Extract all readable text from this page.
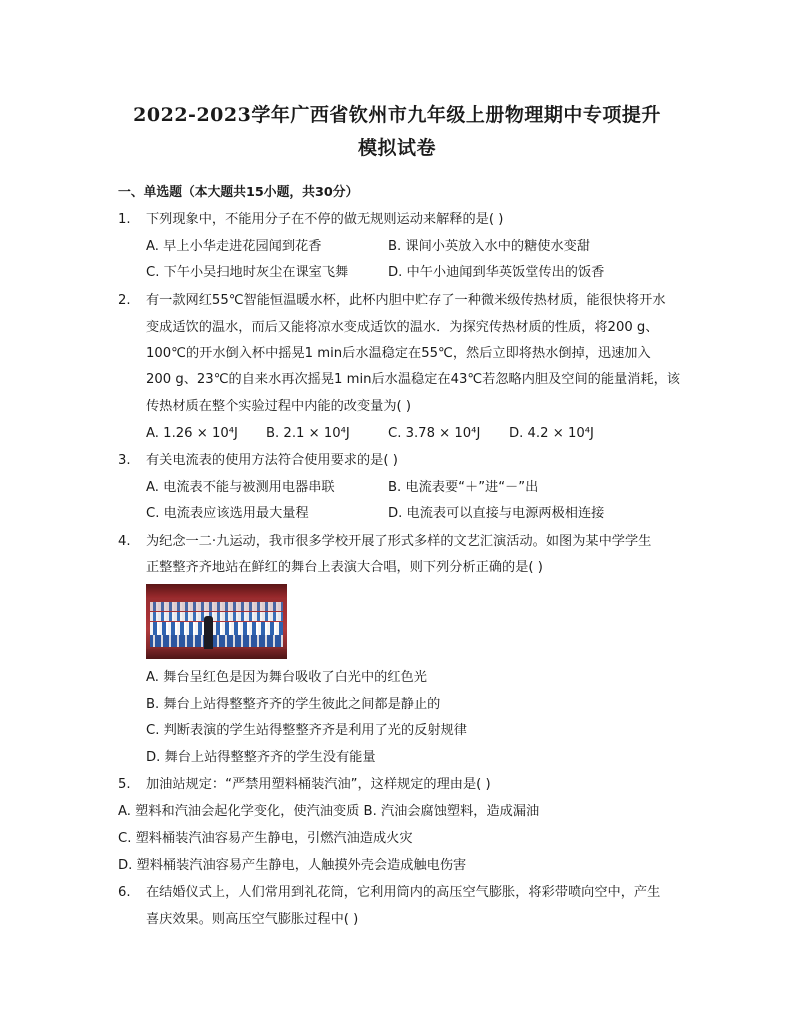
2022-2023学年广西省钦州市九年级上册物理期中专项提升
模拟试卷
一、单选题（本大题共15小题，共30分）
1. 下列现象中，不能用分子在不停的做无规则运动来解释的是( )
A. 早上小华走进花园闻到花香	B. 课间小英放入水中的糖使水变甜
C. 下午小吴扫地时灰尘在课室飞舞	D. 中午小迪闻到华英饭堂传出的饭香
2. 有一款网红55℃智能恒温暖水杯，此杯内胆中贮存了一种微米级传热材质，能很快将开水
变成适饮的温水，而后又能将凉水变成适饮的温水．为探究传热材质的性质，将200 g、
100℃的开水倒入杯中摇晃1 min后水温稳定在55℃，然后立即将热水倒掉，迅速加入
200 g、23℃的自来水再次摇晃1 min后水温稳定在43℃若忽略内胆及空间的能量消耗，该
传热材质在整个实验过程中内能的改变量为( )
A. 1.26 × 10⁴J B. 2.1 × 10⁴J	C. 3.78 × 10⁴J D. 4.2 × 10⁴J
3. 有关电流表的使用方法符合使用要求的是( )
A. 电流表不能与被测用电器串联	B. 电流表要“＋”进“－”出
C. 电流表应该选用最大量程	D. 电流表可以直接与电源两极相连接
4. 为纪念一二·九运动，我市很多学校开展了形式多样的文艺汇演活动。如图为某中学学生
正整整齐齐地站在鲜红的舞台上表演大合唱，则下列分析正确的是( )
A. 舞台呈红色是因为舞台吸收了白光中的红色光
B. 舞台上站得整整齐齐的学生彼此之间都是静止的
C. 判断表演的学生站得整整齐齐是利用了光的反射规律
D. 舞台上站得整整齐齐的学生没有能量
5. 加油站规定：“严禁用塑料桶装汽油”，这样规定的理由是( )
A. 塑料和汽油会起化学变化，使汽油变质 B. 汽油会腐蚀塑料，造成漏油
C. 塑料桶装汽油容易产生静电，引燃汽油造成火灾
D. 塑料桶装汽油容易产生静电，人触摸外壳会造成触电伤害
6. 在结婚仪式上，人们常用到礼花筒，它利用筒内的高压空气膨胀，将彩带喷向空中，产生
喜庆效果。则高压空气膨胀过程中( )
